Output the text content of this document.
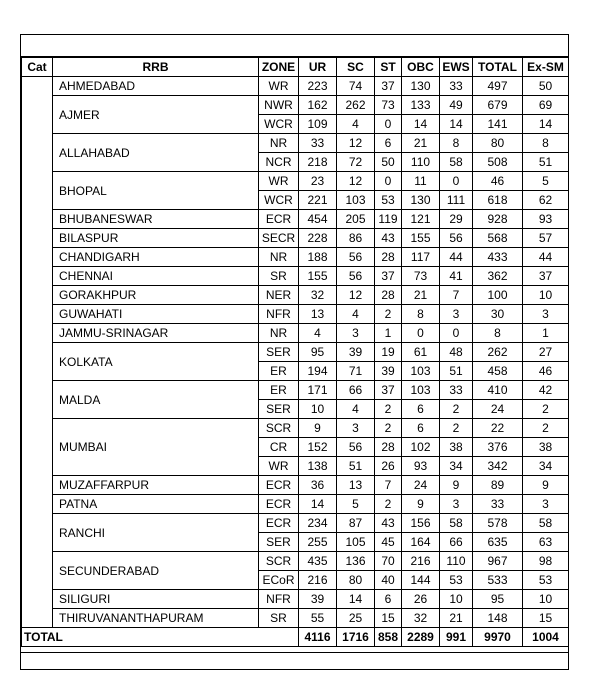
Cat	RRB	ZONE	UR	SC	ST	OBC	EWS	TOTAL	Ex-SM
	AHMEDABAD	WR	223	74	37	130	33	497	50
	AJMER	NWR	162	262	73	133	49	679	69
		WCR	109	4	0	14	14	141	14
	ALLAHABAD	NR	33	12	6	21	8	80	8
		NCR	218	72	50	110	58	508	51
	BHOPAL	WR	23	12	0	11	0	46	5
		WCR	221	103	53	130	111	618	62
	BHUBANESWAR	ECR	454	205	119	121	29	928	93
	BILASPUR	SECR	228	86	43	155	56	568	57
	CHANDIGARH	NR	188	56	28	117	44	433	44
	CHENNAI	SR	155	56	37	73	41	362	37
	GORAKHPUR	NER	32	12	28	21	7	100	10
	GUWAHATI	NFR	13	4	2	8	3	30	3
	JAMMU-SRINAGAR	NR	4	3	1	0	0	8	1
	KOLKATA	SER	95	39	19	61	48	262	27
		ER	194	71	39	103	51	458	46
	MALDA	ER	171	66	37	103	33	410	42
		SER	10	4	2	6	2	24	2
	MUMBAI	SCR	9	3	2	6	2	22	2
		CR	152	56	28	102	38	376	38
		WR	138	51	26	93	34	342	34
	MUZAFFARPUR	ECR	36	13	7	24	9	89	9
	PATNA	ECR	14	5	2	9	3	33	3
	RANCHI	ECR	234	87	43	156	58	578	58
		SER	255	105	45	164	66	635	63
	SECUNDERABAD	SCR	435	136	70	216	110	967	98
		ECoR	216	80	40	144	53	533	53
	SILIGURI	NFR	39	14	6	26	10	95	10
	THIRUVANANTHAPURAM	SR	55	25	15	32	21	148	15
TOTAL			4116	1716	858	2289	991	9970	1004
